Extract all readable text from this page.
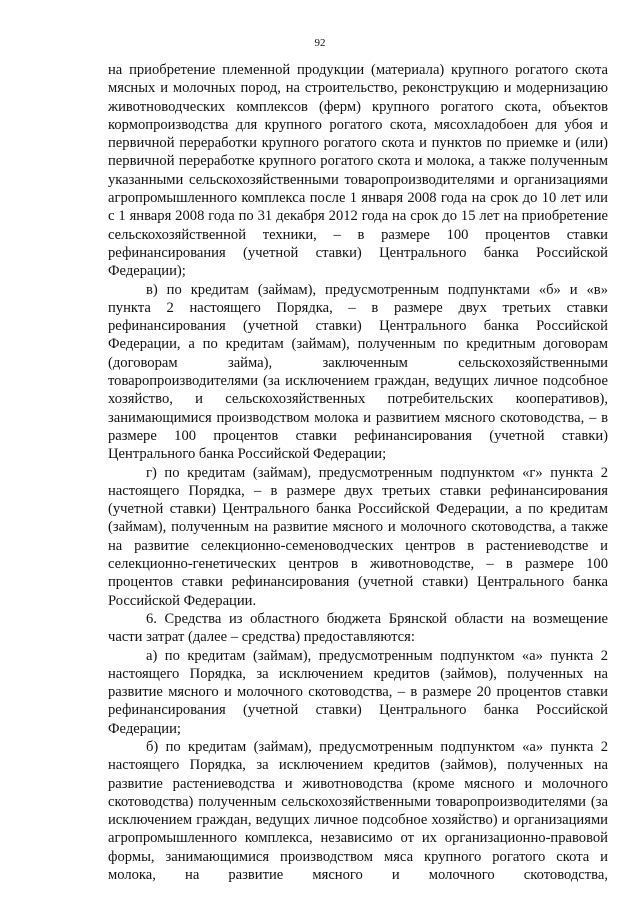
92

на приобретение племенной продукции (материала) крупного рогатого скота мясных и молочных пород, на строительство, реконструкцию и модернизацию животноводческих комплексов (ферм) крупного рогатого скота, объектов кормопроизводства для крупного рогатого скота, мясохладобоен для убоя и первичной переработки крупного рогатого скота и пунктов по приемке и (или) первичной переработке крупного рогатого скота и молока, а также полученным указанными сельскохозяйственными товаропроизводителями и организациями агропромышленного комплекса после 1 января 2008 года на срок до 10 лет или с 1 января 2008 года по 31 декабря 2012 года на срок до 15 лет на приобретение сельскохозяйственной техники, – в размере 100 процентов ставки рефинансирования (учетной ставки) Центрального банка Российской Федерации);

в) по кредитам (займам), предусмотренным подпунктами «б» и «в» пункта 2 настоящего Порядка, – в размере двух третьих ставки рефинансирования (учетной ставки) Центрального банка Российской Федерации, а по кредитам (займам), полученным по кредитным договорам (договорам займа), заключенным сельскохозяйственными товаропроизводителями (за исключением граждан, ведущих личное подсобное хозяйство, и сельскохозяйственных потребительских кооперативов), занимающимися производством молока и развитием мясного скотоводства, – в размере 100 процентов ставки рефинансирования (учетной ставки) Центрального банка Российской Федерации;

г) по кредитам (займам), предусмотренным подпунктом «г» пункта 2 настоящего Порядка, – в размере двух третьих ставки рефинансирования (учетной ставки) Центрального банка Российской Федерации, а по кредитам (займам), полученным на развитие мясного и молочного скотоводства, а также на развитие селекционно-семеноводческих центров в растениеводстве и селекционно-генетических центров в животноводстве, – в размере 100 процентов ставки рефинансирования (учетной ставки) Центрального банка Российской Федерации.

6. Средства из областного бюджета Брянской области на возмещение части затрат (далее – средства) предоставляются:

а) по кредитам (займам), предусмотренным подпунктом «а» пункта 2 настоящего Порядка, за исключением кредитов (займов), полученных на развитие мясного и молочного скотоводства, – в размере 20 процентов ставки рефинансирования (учетной ставки) Центрального банка Российской Федерации;

б) по кредитам (займам), предусмотренным подпунктом «а» пункта 2 настоящего Порядка, за исключением кредитов (займов), полученных на развитие растениеводства и животноводства (кроме мясного и молочного скотоводства) полученным сельскохозяйственными товаропроизводителями (за исключением граждан, ведущих личное подсобное хозяйство) и организациями агропромышленного комплекса, независимо от их организационно-правовой формы, занимающимися производством мяса крупного рогатого скота и молока, на развитие мясного и молочного скотоводства,
